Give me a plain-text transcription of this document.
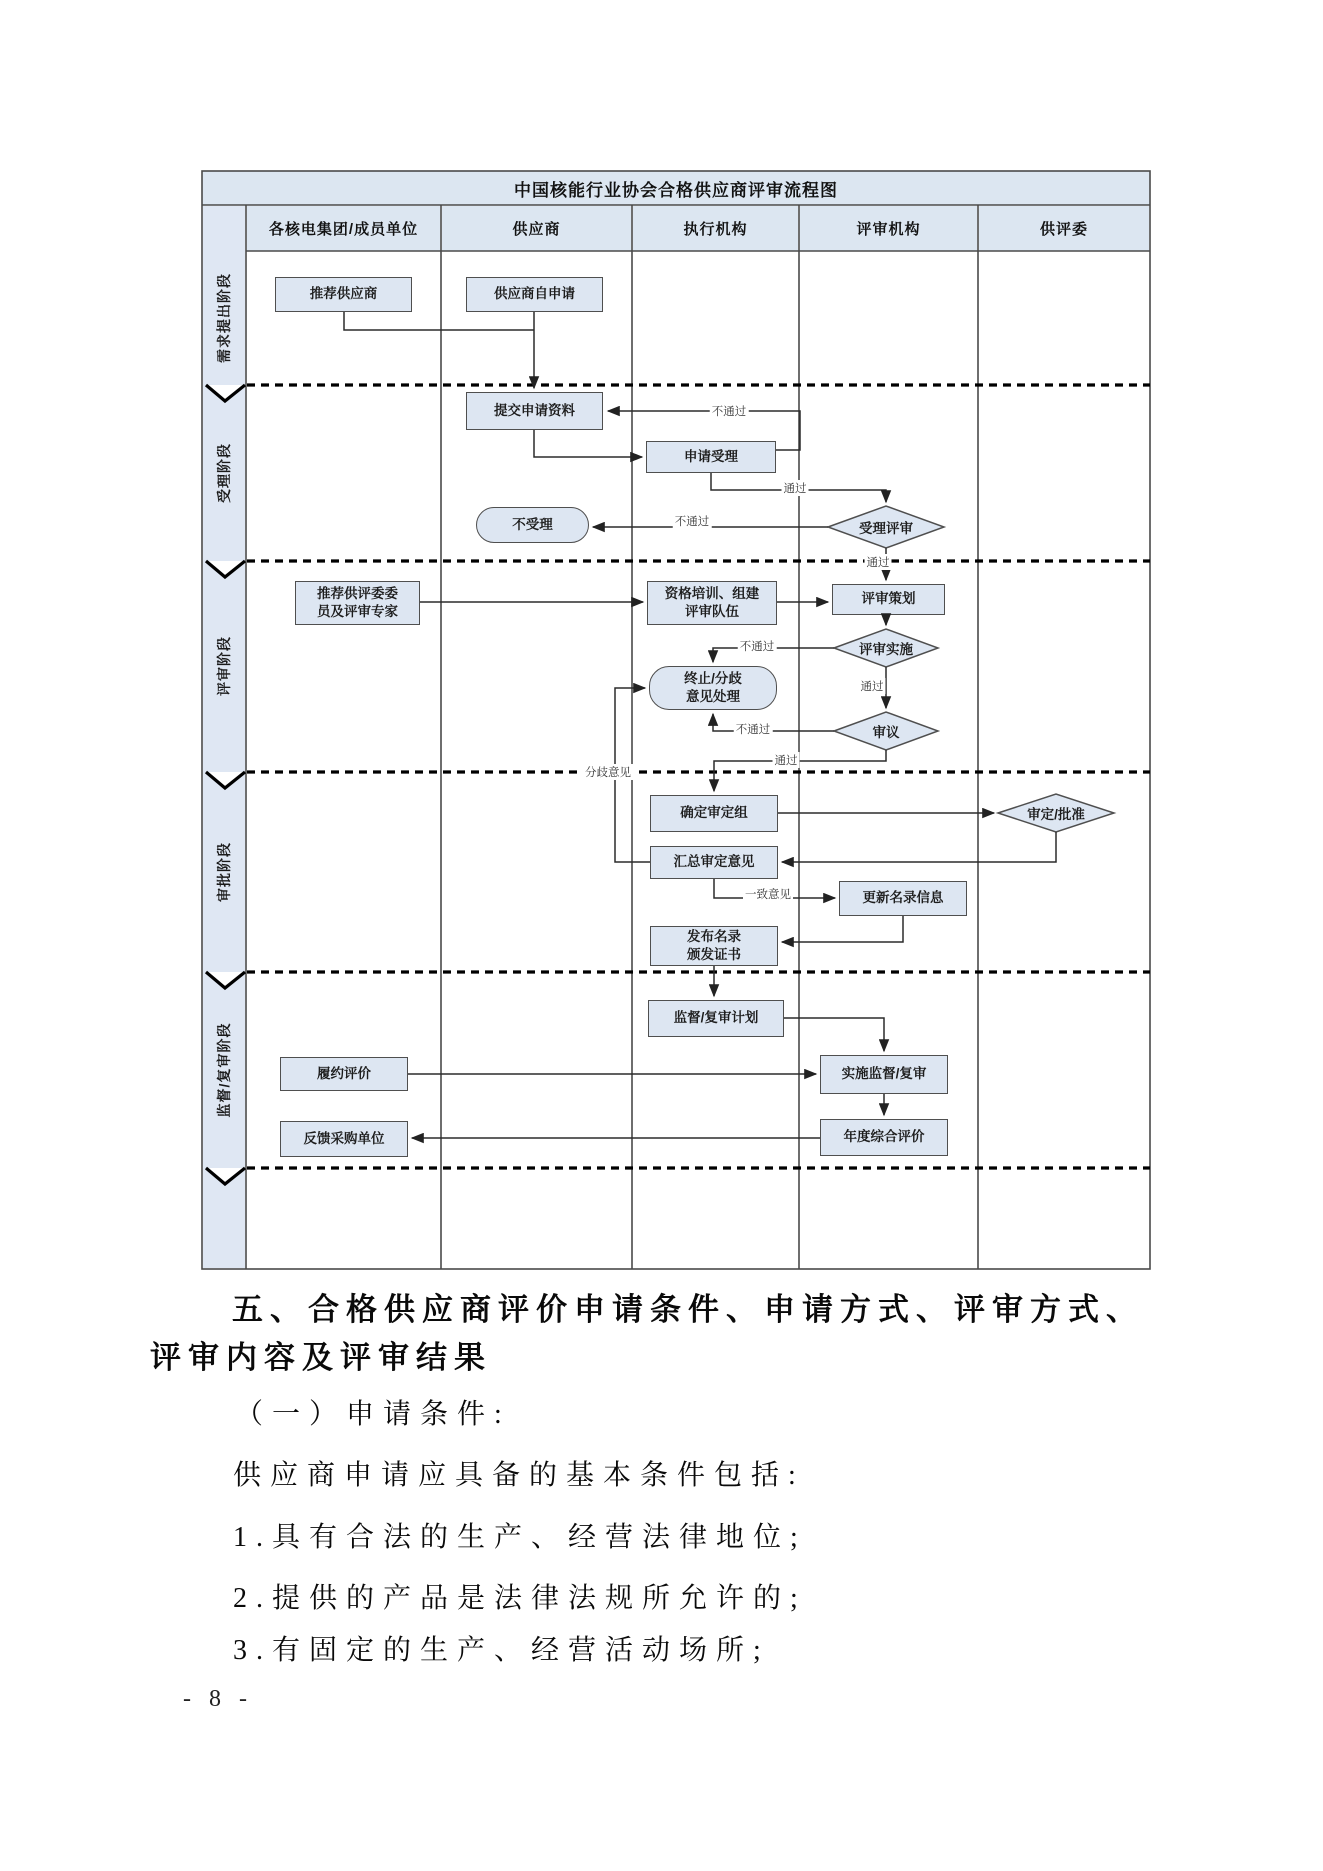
中国核能行业协会合格供应商评审流程图
各核电集团/成员单位	供应商	执行机构	评审机构	供评委
需求提出阶段
受理阶段
评审阶段
审批阶段
监督/复审阶段
推荐供应商	供应商自申请
提交申请资料
申请受理
不受理
推荐供评委委员及评审专家
资格培训、组建评审队伍
评审策划
终止/分歧意见处理
确定审定组
汇总审定意见
更新名录信息
发布名录颁发证书
监督/复审计划
履约评价	实施监督/复审
年度综合评价
反馈采购单位
受理评审
评审实施
审议
审定/批准
不通过
通过
不通过
通过
不通过
通过
不通过
通过
分歧意见
一致意见
五、合格供应商评价申请条件、申请方式、评审方式、
评审内容及评审结果
（一）申请条件:
供应商申请应具备的基本条件包括:
1.具有合法的生产、经营法律地位;
2.提供的产品是法律法规所允许的;
3.有固定的生产、经营活动场所;
- 8 -
